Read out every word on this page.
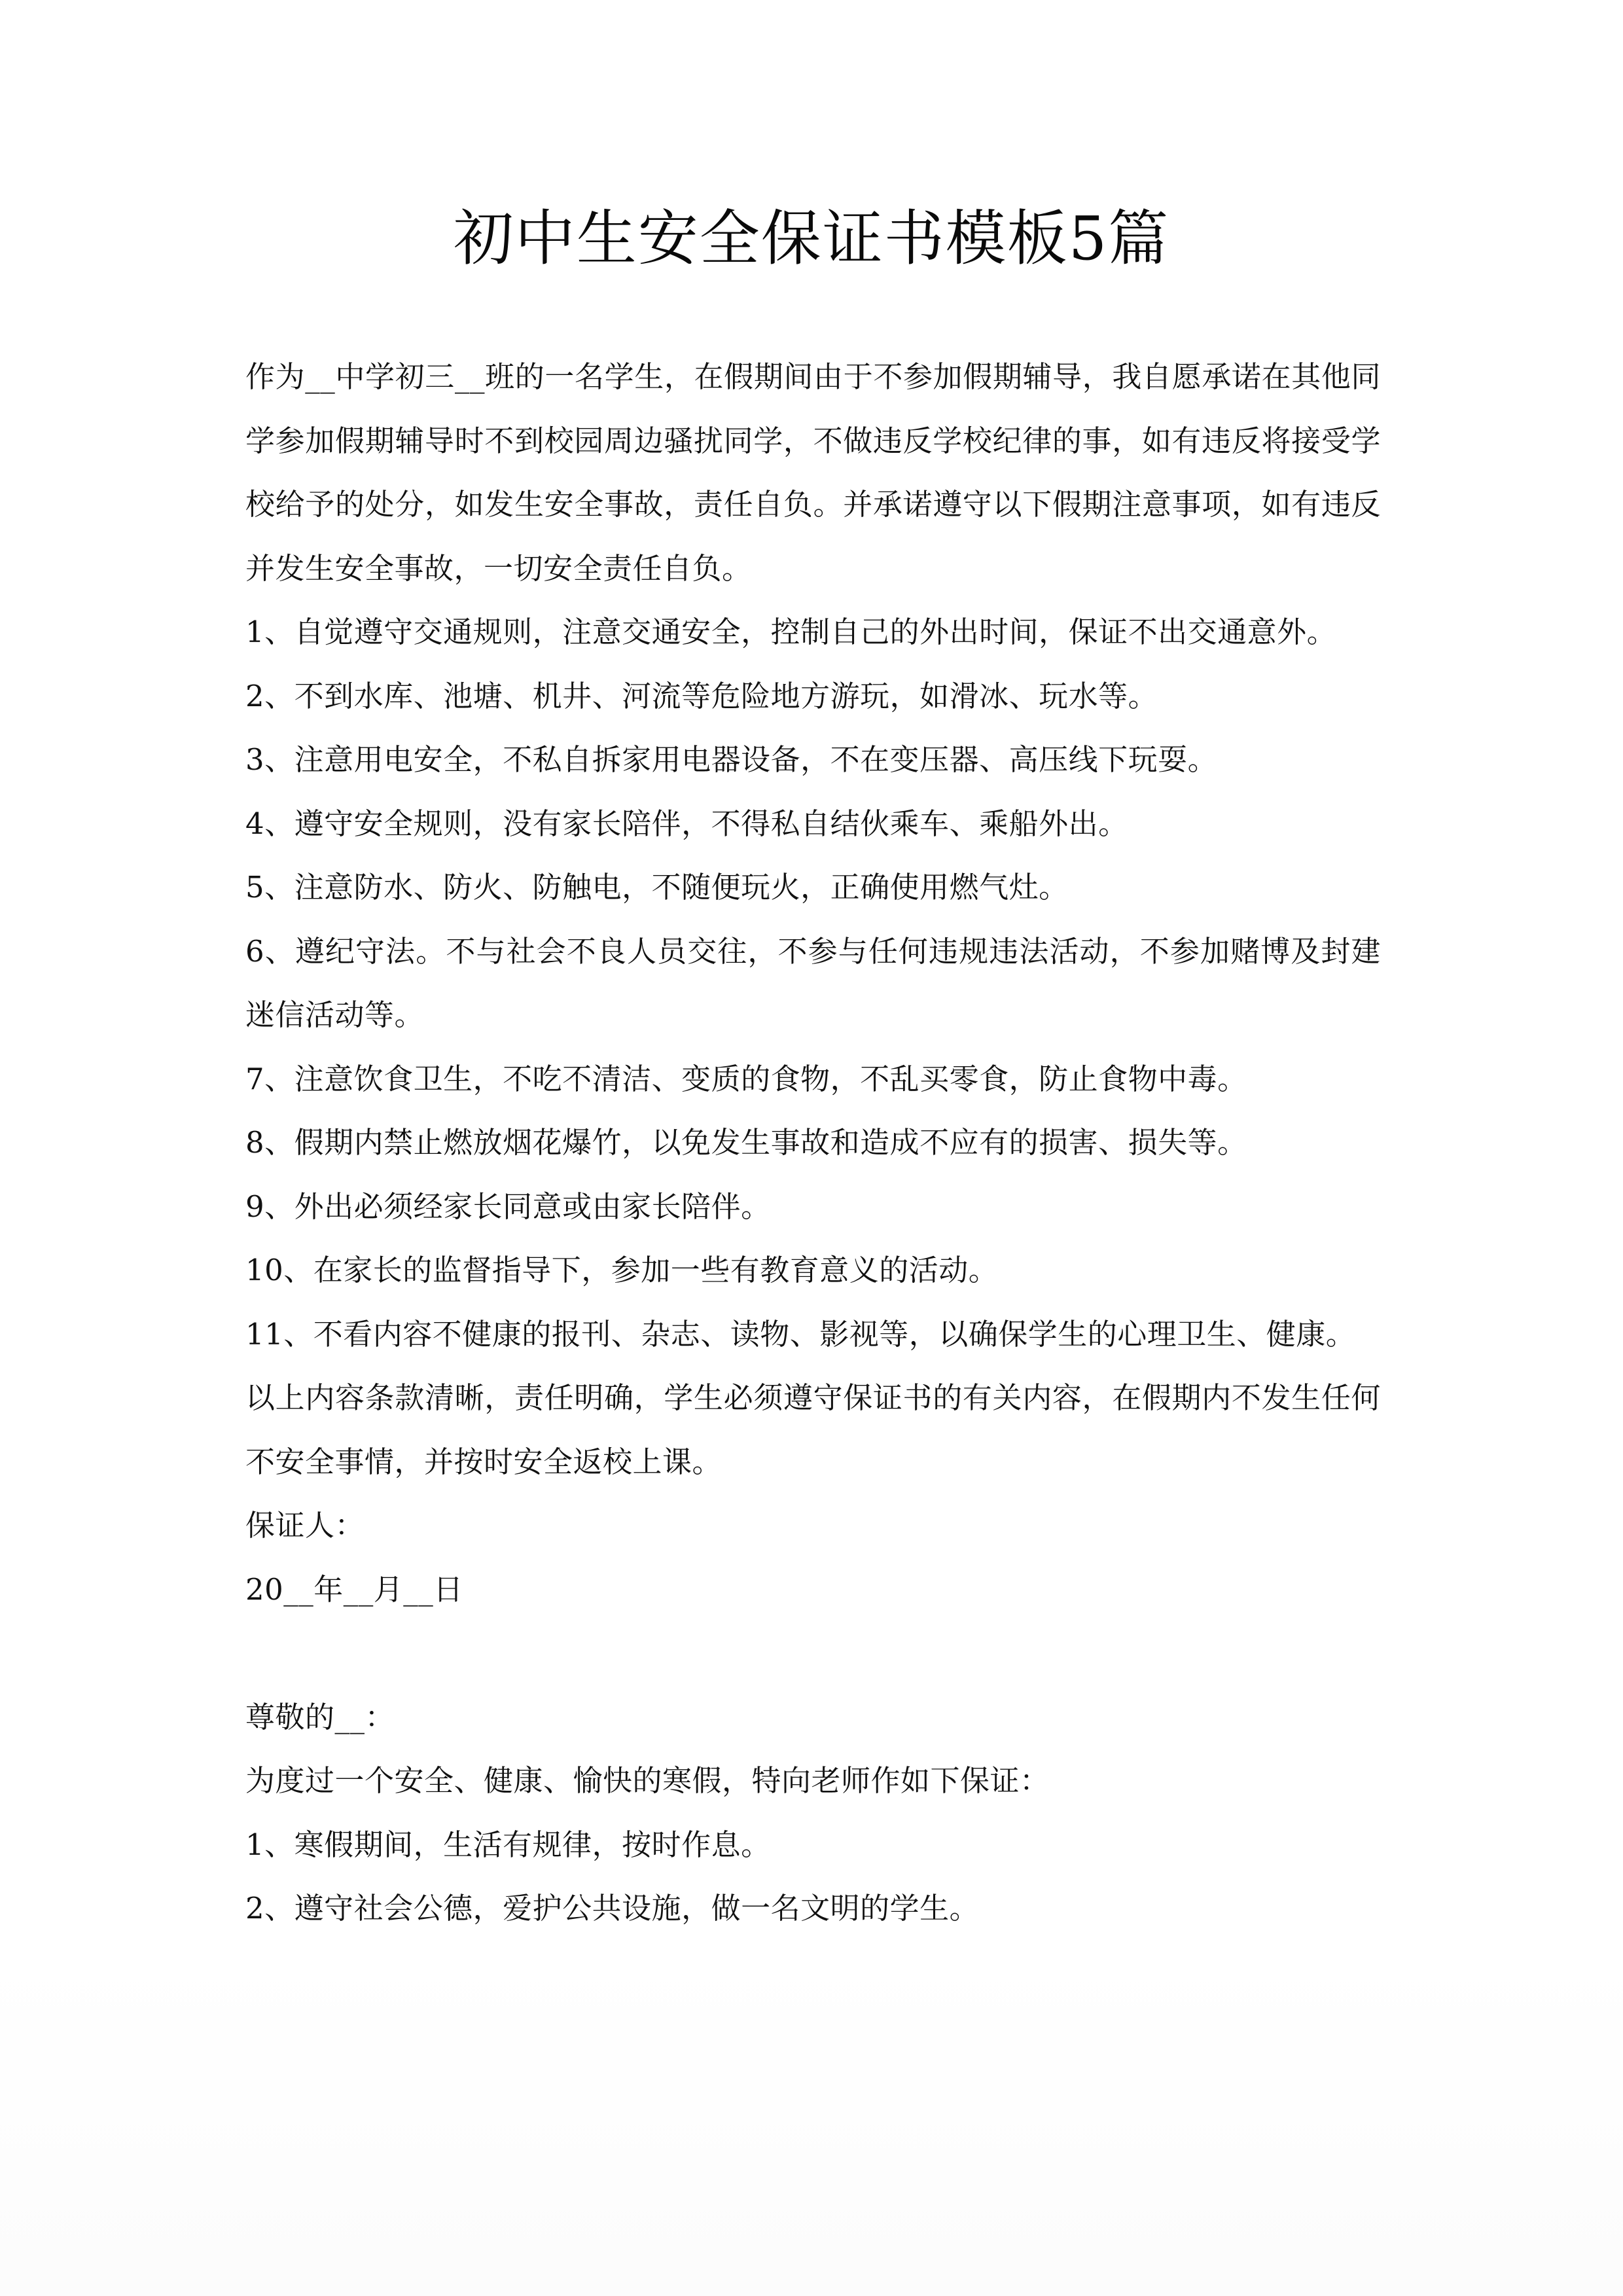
初中生安全保证书模板5篇

作为__中学初三__班的一名学生，在假期间由于不参加假期辅导，我自愿承诺在其他同学参加假期辅导时不到校园周边骚扰同学，不做违反学校纪律的事，如有违反将接受学校给予的处分，如发生安全事故，责任自负。并承诺遵守以下假期注意事项，如有违反并发生安全事故，一切安全责任自负。

1、自觉遵守交通规则，注意交通安全，控制自己的外出时间，保证不出交通意外。

2、不到水库、池塘、机井、河流等危险地方游玩，如滑冰、玩水等。

3、注意用电安全，不私自拆家用电器设备，不在变压器、高压线下玩耍。

4、遵守安全规则，没有家长陪伴，不得私自结伙乘车、乘船外出。

5、注意防水、防火、防触电，不随便玩火，正确使用燃气灶。

6、遵纪守法。不与社会不良人员交往，不参与任何违规违法活动，不参加赌博及封建迷信活动等。

7、注意饮食卫生，不吃不清洁、变质的食物，不乱买零食，防止食物中毒。

8、假期内禁止燃放烟花爆竹，以免发生事故和造成不应有的损害、损失等。

9、外出必须经家长同意或由家长陪伴。

10、在家长的监督指导下，参加一些有教育意义的活动。

11、不看内容不健康的报刊、杂志、读物、影视等，以确保学生的心理卫生、健康。

以上内容条款清晰，责任明确，学生必须遵守保证书的有关内容，在假期内不发生任何不安全事情，并按时安全返校上课。

保证人：

20__年__月__日

尊敬的__：

为度过一个安全、健康、愉快的寒假，特向老师作如下保证：

1、寒假期间，生活有规律，按时作息。

2、遵守社会公德，爱护公共设施，做一名文明的学生。
